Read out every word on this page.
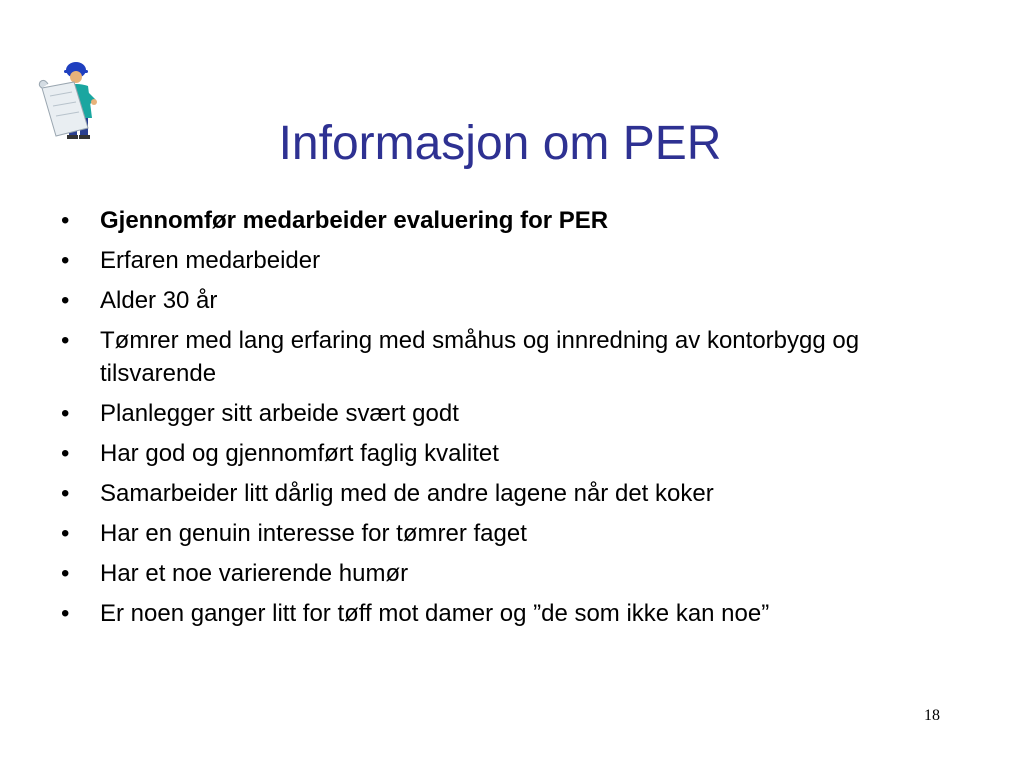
Informasjon om PER
• Gjennomfør medarbeider evaluering for PER
• Erfaren medarbeider
• Alder 30 år
• Tømrer med lang erfaring med småhus og innredning av kontorbygg og tilsvarende
• Planlegger sitt arbeide svært godt
• Har god og gjennomført faglig kvalitet
• Samarbeider litt dårlig med de andre lagene når det koker
• Har en genuin interesse for tømrer faget
• Har et noe varierende humør
• Er noen ganger litt for tøff mot damer og ”de som ikke kan noe”
18
